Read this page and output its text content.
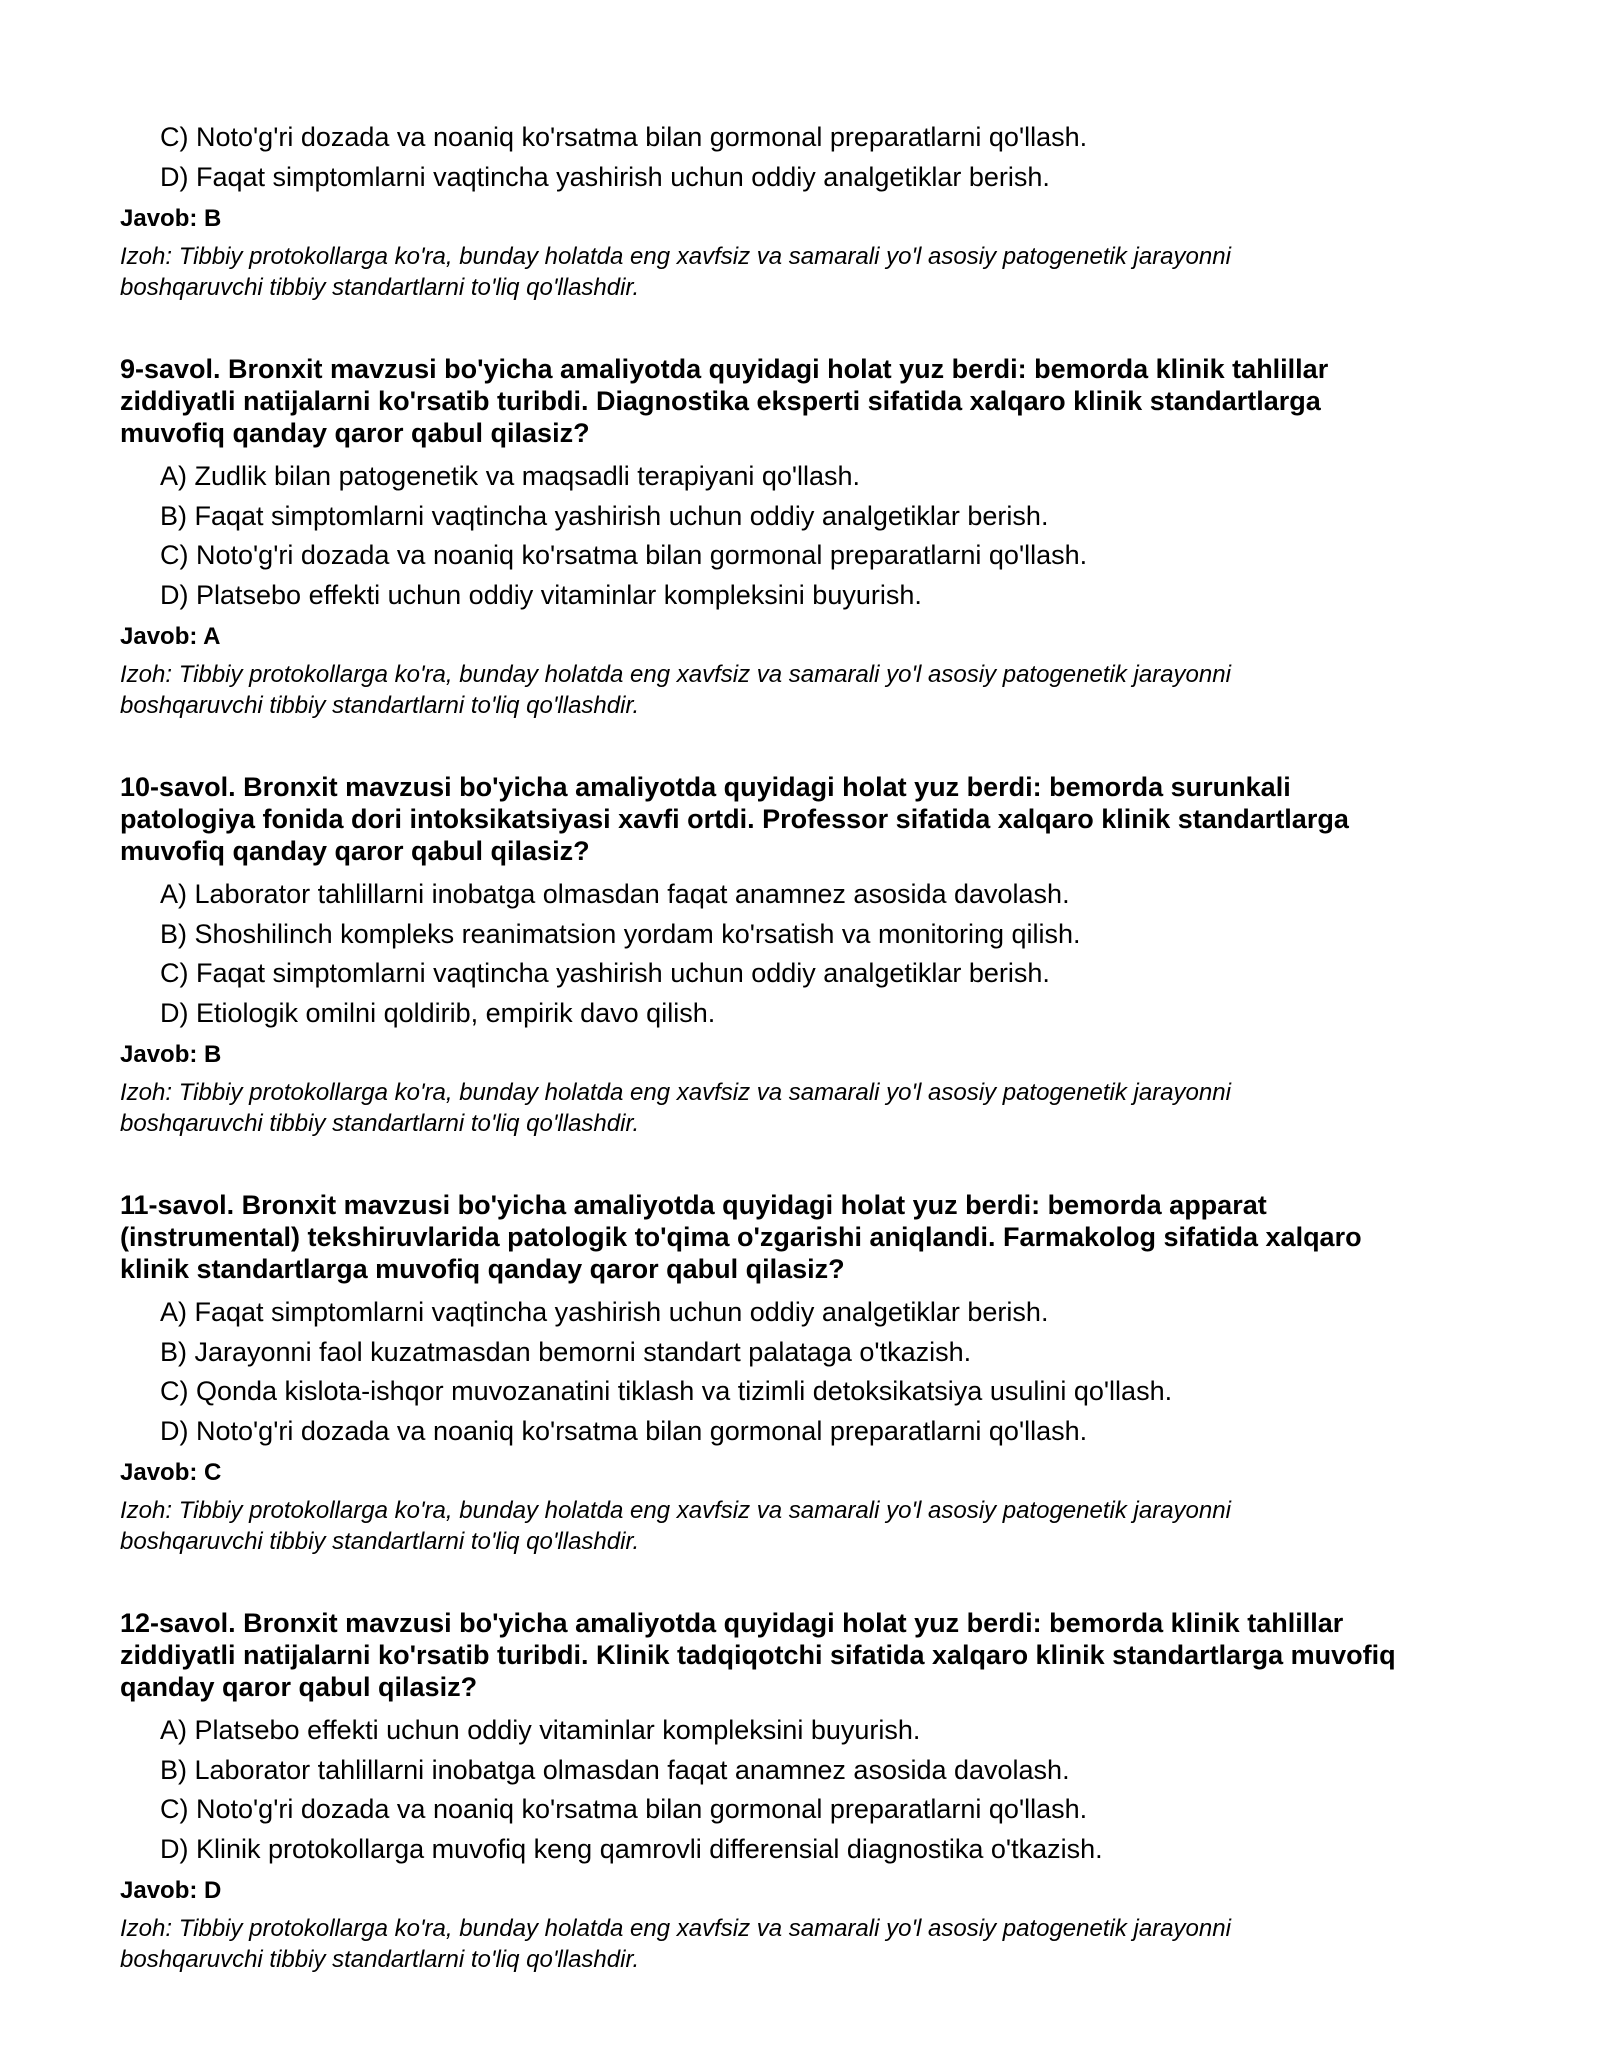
C) Noto'g'ri dozada va noaniq ko'rsatma bilan gormonal preparatlarni qo'llash.
D) Faqat simptomlarni vaqtincha yashirish uchun oddiy analgetiklar berish.
Javob: B
Izoh: Tibbiy protokollarga ko'ra, bunday holatda eng xavfsiz va samarali yo'l asosiy patogenetik jarayonni
boshqaruvchi tibbiy standartlarni to'liq qo'llashdir.
9-savol. Bronxit mavzusi bo'yicha amaliyotda quyidagi holat yuz berdi: bemorda klinik tahlillar
ziddiyatli natijalarni ko'rsatib turibdi. Diagnostika eksperti sifatida xalqaro klinik standartlarga
muvofiq qanday qaror qabul qilasiz?
A) Zudlik bilan patogenetik va maqsadli terapiyani qo'llash.
B) Faqat simptomlarni vaqtincha yashirish uchun oddiy analgetiklar berish.
C) Noto'g'ri dozada va noaniq ko'rsatma bilan gormonal preparatlarni qo'llash.
D) Platsebo effekti uchun oddiy vitaminlar kompleksini buyurish.
Javob: A
Izoh: Tibbiy protokollarga ko'ra, bunday holatda eng xavfsiz va samarali yo'l asosiy patogenetik jarayonni
boshqaruvchi tibbiy standartlarni to'liq qo'llashdir.
10-savol. Bronxit mavzusi bo'yicha amaliyotda quyidagi holat yuz berdi: bemorda surunkali
patologiya fonida dori intoksikatsiyasi xavfi ortdi. Professor sifatida xalqaro klinik standartlarga
muvofiq qanday qaror qabul qilasiz?
A) Laborator tahlillarni inobatga olmasdan faqat anamnez asosida davolash.
B) Shoshilinch kompleks reanimatsion yordam ko'rsatish va monitoring qilish.
C) Faqat simptomlarni vaqtincha yashirish uchun oddiy analgetiklar berish.
D) Etiologik omilni qoldirib, empirik davo qilish.
Javob: B
Izoh: Tibbiy protokollarga ko'ra, bunday holatda eng xavfsiz va samarali yo'l asosiy patogenetik jarayonni
boshqaruvchi tibbiy standartlarni to'liq qo'llashdir.
11-savol. Bronxit mavzusi bo'yicha amaliyotda quyidagi holat yuz berdi: bemorda apparat
(instrumental) tekshiruvlarida patologik to'qima o'zgarishi aniqlandi. Farmakolog sifatida xalqaro
klinik standartlarga muvofiq qanday qaror qabul qilasiz?
A) Faqat simptomlarni vaqtincha yashirish uchun oddiy analgetiklar berish.
B) Jarayonni faol kuzatmasdan bemorni standart palataga o'tkazish.
C) Qonda kislota-ishqor muvozanatini tiklash va tizimli detoksikatsiya usulini qo'llash.
D) Noto'g'ri dozada va noaniq ko'rsatma bilan gormonal preparatlarni qo'llash.
Javob: C
Izoh: Tibbiy protokollarga ko'ra, bunday holatda eng xavfsiz va samarali yo'l asosiy patogenetik jarayonni
boshqaruvchi tibbiy standartlarni to'liq qo'llashdir.
12-savol. Bronxit mavzusi bo'yicha amaliyotda quyidagi holat yuz berdi: bemorda klinik tahlillar
ziddiyatli natijalarni ko'rsatib turibdi. Klinik tadqiqotchi sifatida xalqaro klinik standartlarga muvofiq
qanday qaror qabul qilasiz?
A) Platsebo effekti uchun oddiy vitaminlar kompleksini buyurish.
B) Laborator tahlillarni inobatga olmasdan faqat anamnez asosida davolash.
C) Noto'g'ri dozada va noaniq ko'rsatma bilan gormonal preparatlarni qo'llash.
D) Klinik protokollarga muvofiq keng qamrovli differensial diagnostika o'tkazish.
Javob: D
Izoh: Tibbiy protokollarga ko'ra, bunday holatda eng xavfsiz va samarali yo'l asosiy patogenetik jarayonni
boshqaruvchi tibbiy standartlarni to'liq qo'llashdir.
